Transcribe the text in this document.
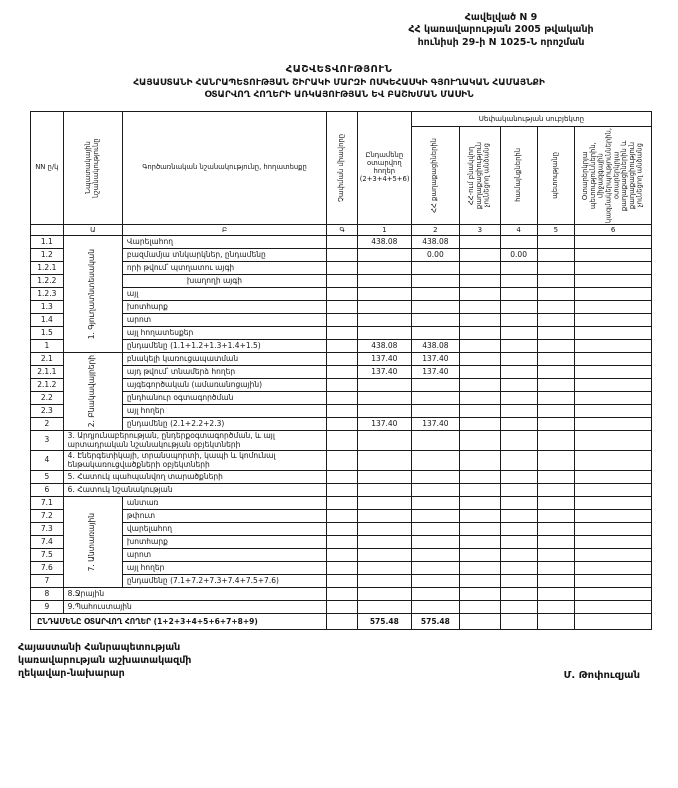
Հավելված N 9
ՀՀ կառավարության 2005 թվականի
հունիսի 29-ի N 1025-Ն որոշման
ՀԱՇՎԵՏՎՈՒԹՅՈՒՆ
ՀԱՅԱՍՏԱՆԻ ՀԱՆՐԱՊԵՏՈՒԹՅԱՆ ՇԻՐԱԿԻ ՄԱՐԶԻ ՈՍԿԵՀԱՍԿԻ ԳՅՈՒՂԱԿԱՆ ՀԱՄԱՅՆՔԻ
ՕՏԱՐՎՈՂ ՀՈՂԵՐԻ ԱՌԿԱՅՈՒԹՅԱՆ ԵՎ ԲԱՇԽՄԱՆ ՄԱՍԻՆ
NN ը/կ	Նպատակային նշանակությունը	Գործառնական նշանակությունը, հողատեսքը	Չափման միավորը	Ընդամենը օտարվող հողեր (2+3+4+5+6)	Սեփականության սուբյեկտը				

					ՀՀ քաղաքացիներին	ՀՀ-ում բնակվող քաղաքացիություն չունեցող անձանց	համայնքներին	պետությանը	Օտարերկրյա պետություններին, միջազգային կազմակերպություններին, օտարերկրյա քաղաքացիներին և քաղաքացիություն չունեցող անձանց

	Ա	Բ	Գ	1	2	3	4	5	6
1.1	1. Գյուղատնտեսական	Վարելահող		438.08	438.08				
1.2		բազմամյա տնկարկներ, ընդամենը			0.00		0.00		
1.2.1		որի թվում՝ պտղատու այգի							
1.2.2		խաղողի այգի							
1.2.3		այլ							
1.3		խոտհարք							
1.4		արոտ							
1.5		այլ հողատեսքեր							
1		ընդամենը (1.1+1.2+1.3+1.4+1.5)		438.08	438.08				
2.1	2. Բնակավայրերի	բնակելի կառուցապատման		137.40	137.40				
2.1.1		այդ թվում՝ տնամերձ հողեր		137.40	137.40				
2.1.2		այգեգործական (ամառանոցային)							
2.2		ընդհանուր օգտագործման							
2.3		այլ հողեր							
2		ընդամենը (2.1+2.2+2.3)		137.40	137.40				
3	3. Արդյունաբերության, ընդերքօգտագործման, և այլ արտադրական նշանակության օբյեկտների								
4	4. Էներգետիկայի, տրանսպորտի, կապի և կոմունալ ենթակառուցվածքների օբյեկտների								
5	5. Հատուկ պահպանվող տարածքների								
6	6. Հատուկ նշանակության								
7.1	7. Անտառային	անտառ							
7.2		թփուտ							
7.3		վարելահող							
7.4		խոտհարք							
7.5		արոտ							
7.6		այլ հողեր							
7		ընդամենը (7.1+7.2+7.3+7.4+7.5+7.6)							
8	8.Ջրային								
9	9.Պահուստային								
ԸՆԴԱՄԵՆԸ ՕՏԱՐՎՈՂ ՀՈՂԵՐ (1+2+3+4+5+6+7+8+9)				575.48	575.48				
Հայաստանի Հանրապետության
կառավարության աշխատակազմի
ղեկավար-նախարար	Մ. Թոփուզյան
